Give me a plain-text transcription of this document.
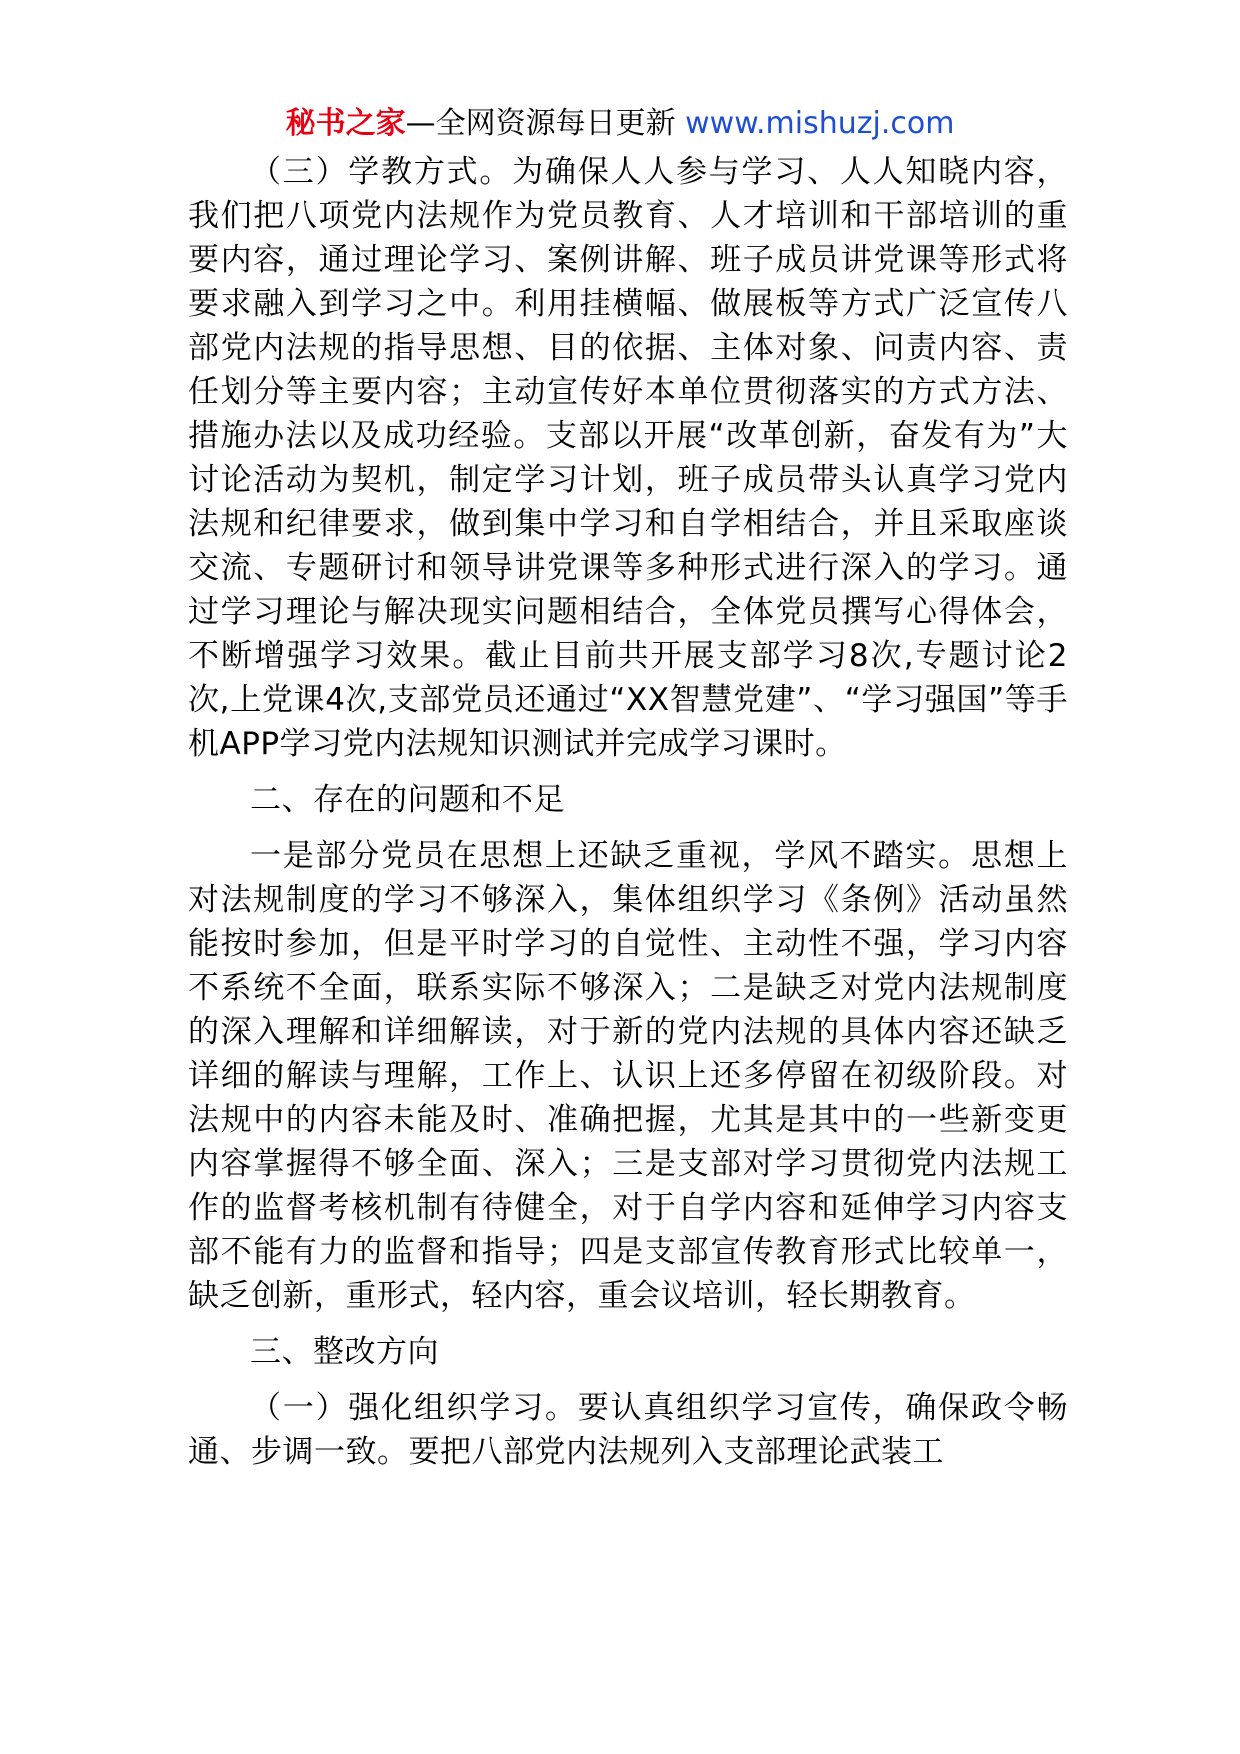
秘书之家—全网资源每日更新 www.mishuzj.com

（三）学教方式。为确保人人参与学习、人人知晓内容，我们把八项党内法规作为党员教育、人才培训和干部培训的重要内容，通过理论学习、案例讲解、班子成员讲党课等形式将要求融入到学习之中。利用挂横幅、做展板等方式广泛宣传八部党内法规的指导思想、目的依据、主体对象、问责内容、责任划分等主要内容；主动宣传好本单位贯彻落实的方式方法、措施办法以及成功经验。支部以开展“改革创新，奋发有为”大讨论活动为契机，制定学习计划，班子成员带头认真学习党内法规和纪律要求，做到集中学习和自学相结合，并且采取座谈交流、专题研讨和领导讲党课等多种形式进行深入的学习。通过学习理论与解决现实问题相结合，全体党员撰写心得体会，不断增强学习效果。截止目前共开展支部学习8次,专题讨论2次,上党课4次,支部党员还通过“XX智慧党建”、“学习强国”等手机APP学习党内法规知识测试并完成学习课时。

二、存在的问题和不足

一是部分党员在思想上还缺乏重视，学风不踏实。思想上对法规制度的学习不够深入，集体组织学习《条例》活动虽然能按时参加，但是平时学习的自觉性、主动性不强，学习内容不系统不全面，联系实际不够深入；二是缺乏对党内法规制度的深入理解和详细解读，对于新的党内法规的具体内容还缺乏详细的解读与理解，工作上、认识上还多停留在初级阶段。对法规中的内容未能及时、准确把握，尤其是其中的一些新变更内容掌握得不够全面、深入；三是支部对学习贯彻党内法规工作的监督考核机制有待健全，对于自学内容和延伸学习内容支部不能有力的监督和指导；四是支部宣传教育形式比较单一，缺乏创新，重形式，轻内容，重会议培训，轻长期教育。

三、整改方向

（一）强化组织学习。要认真组织学习宣传，确保政令畅通、步调一致。要把八部党内法规列入支部理论武装工
